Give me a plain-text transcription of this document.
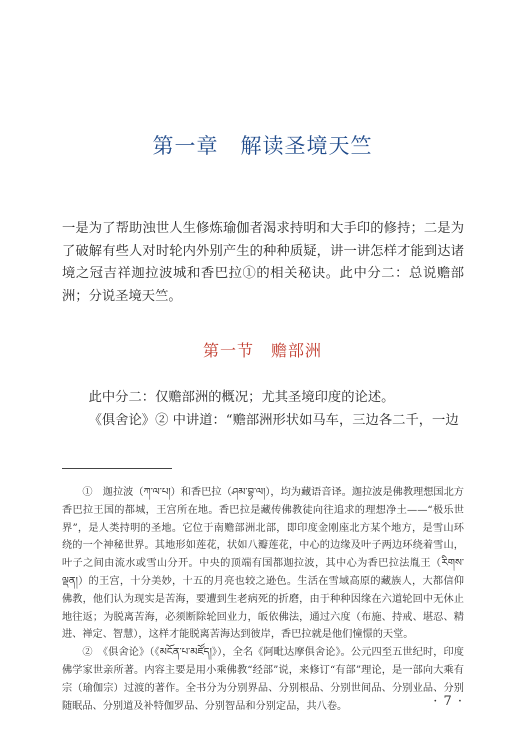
第一章　解读圣境天竺

一是为了帮助浊世人生修炼瑜伽者渴求持明和大手印的修持；二是为了破解有些人对时轮内外别产生的种种质疑，讲一讲怎样才能到达诸境之冠吉祥迦拉波城和香巴拉①的相关秘诀。此中分二：总说赡部洲；分说圣境天竺。

第一节　赡部洲

此中分二：仅赡部洲的概况；尤其圣境印度的论述。

《俱舍论》② 中讲道：“赡部洲形状如马车，三边各二千，一边

①　迦拉波（ཀ་ལ་པ།）和香巴拉（ཤམ་བྷ་ལ།），均为藏语音译。迦拉波是佛教理想国北方香巴拉王国的都城，王宫所在地。香巴拉是藏传佛教徒向往追求的理想净土——“极乐世界”，是人类持明的圣地。它位于南赡部洲北部，即印度金刚座北方某个地方，是雪山环绕的一个神秘世界。其地形如莲花，状如八瓣莲花，中心的边缘及叶子两边环绕着雪山，叶子之间由流水或雪山分开。中央的顶端有国都迦拉波，其中心为香巴拉法胤王（རིགས་ལྡན།）的王宫，十分美妙，十五的月亮也较之逊色。生活在雪域高原的藏族人，大都信仰佛教，他们认为现实是苦海，要遭到生老病死的折磨，由于种种因缘在六道轮回中无休止地往返；为脱离苦海，必须断除轮回业力，皈依佛法，通过六度（布施、持戒、堪忍、精进、禅定、智慧），这样才能脱离苦海达到彼岸，香巴拉就是他们憧憬的天堂。

②　《俱舍论》（《མངོན་པ་མཛོད།》），全名《阿毗达摩俱舍论》。公元四至五世纪时，印度佛学家世亲所著。内容主要是用小乘佛教“经部”说，来修订“有部”理论，是一部向大乘有宗（瑜伽宗）过渡的著作。全书分为分别界品、分别根品、分别世间品、分别业品、分别随眠品、分别道及补特伽罗品、分别智品和分别定品，共八卷。	· 7 ·
